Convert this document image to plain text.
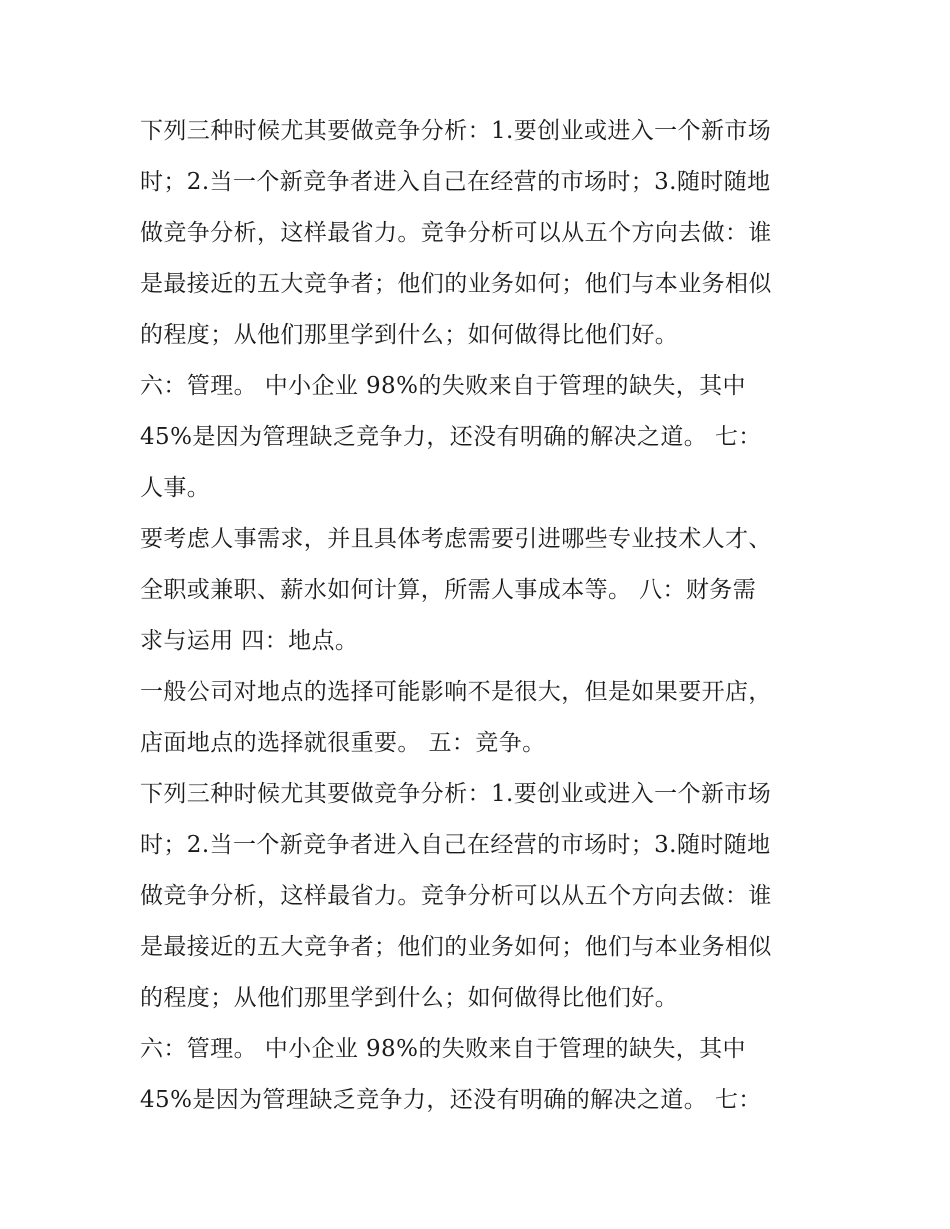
下列三种时候尤其要做竞争分析：1.要创业或进入一个新市场
时；2.当一个新竞争者进入自己在经营的市场时；3.随时随地
做竞争分析，这样最省力。竞争分析可以从五个方向去做：谁
是最接近的五大竞争者；他们的业务如何；他们与本业务相似
的程度；从他们那里学到什么；如何做得比他们好。
六：管理。 中小企业 98%的失败来自于管理的缺失，其中
45%是因为管理缺乏竞争力，还没有明确的解决之道。 七：
人事。
要考虑人事需求，并且具体考虑需要引进哪些专业技术人才、
全职或兼职、薪水如何计算，所需人事成本等。 八：财务需
求与运用 四：地点。
一般公司对地点的选择可能影响不是很大，但是如果要开店，
店面地点的选择就很重要。 五：竞争。
下列三种时候尤其要做竞争分析：1.要创业或进入一个新市场
时；2.当一个新竞争者进入自己在经营的市场时；3.随时随地
做竞争分析，这样最省力。竞争分析可以从五个方向去做：谁
是最接近的五大竞争者；他们的业务如何；他们与本业务相似
的程度；从他们那里学到什么；如何做得比他们好。
六：管理。 中小企业 98%的失败来自于管理的缺失，其中
45%是因为管理缺乏竞争力，还没有明确的解决之道。 七：
